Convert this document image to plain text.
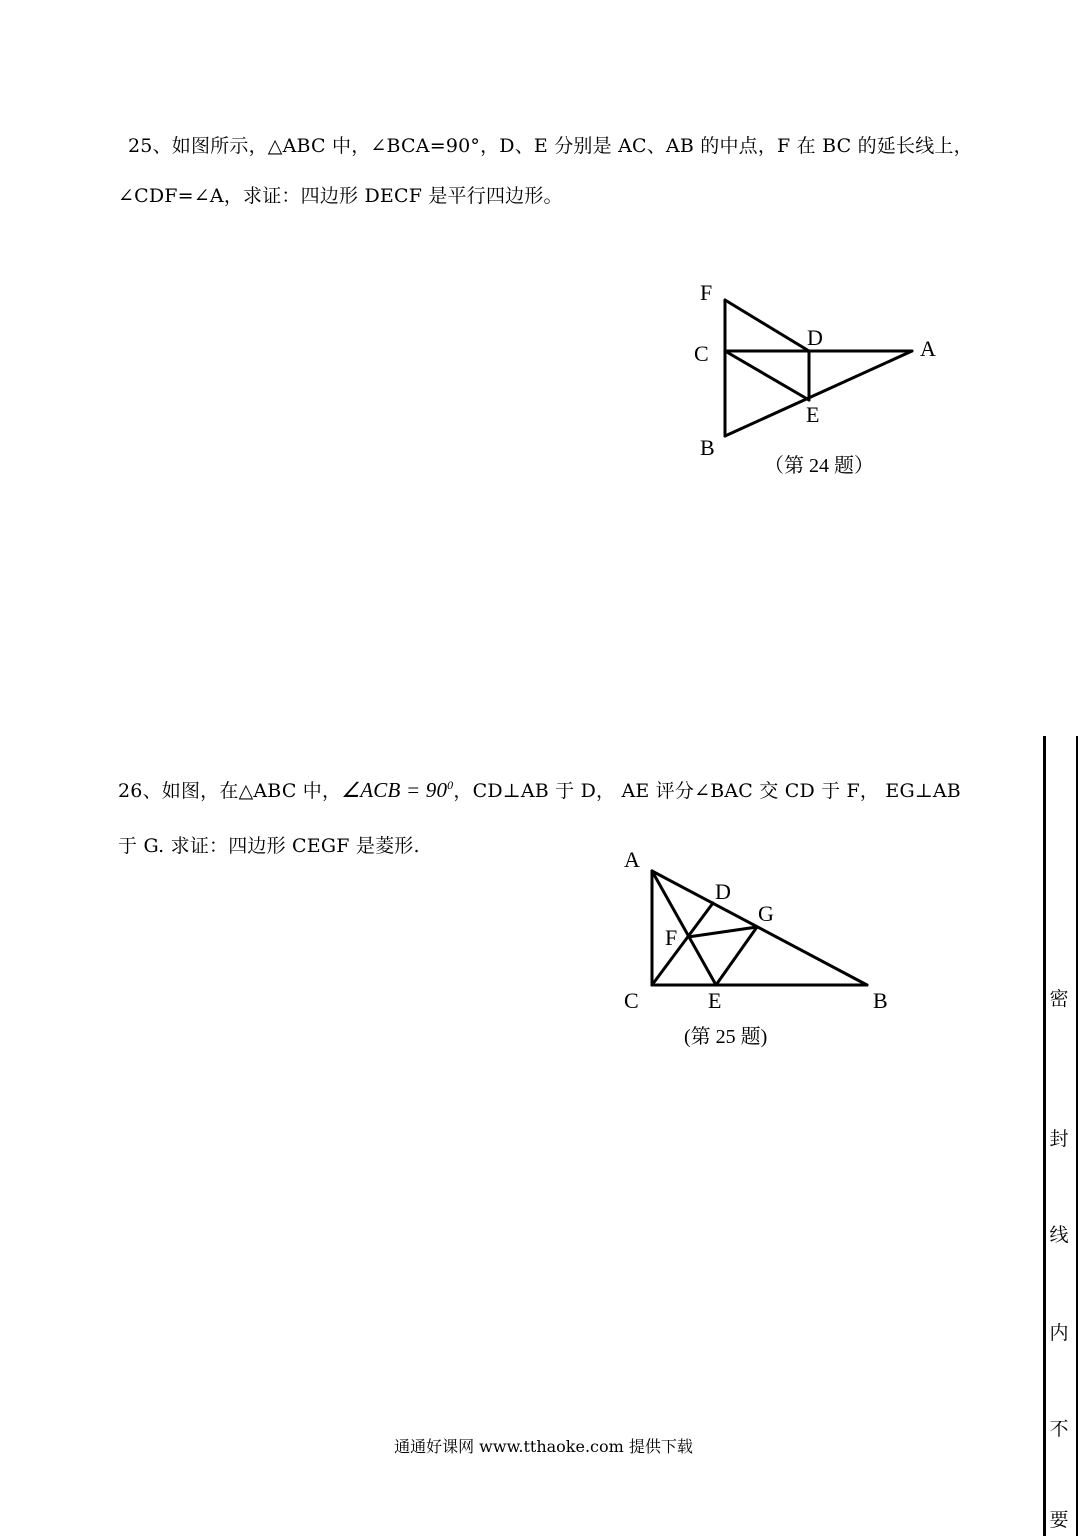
25、如图所示，△ABC 中，∠BCA=90°，D、E 分别是 AC、AB 的中点，F 在 BC 的延长线上，
∠CDF=∠A，求证：四边形 DECF 是平行四边形。
F
C
D	A
E
B
（第 24 题）
26、如图，在△ABC 中，∠ACB = $90^0$，CD⊥AB 于 D， AE 评分∠BAC 交 CD 于 F， EG⊥AB
于 G. 求证：四边形 CEGF 是菱形.
A
D
G
F
C	E	B
(第 25 题)
密
封
线
内
不
要
通通好课网 www.tthaoke.com 提供下载
